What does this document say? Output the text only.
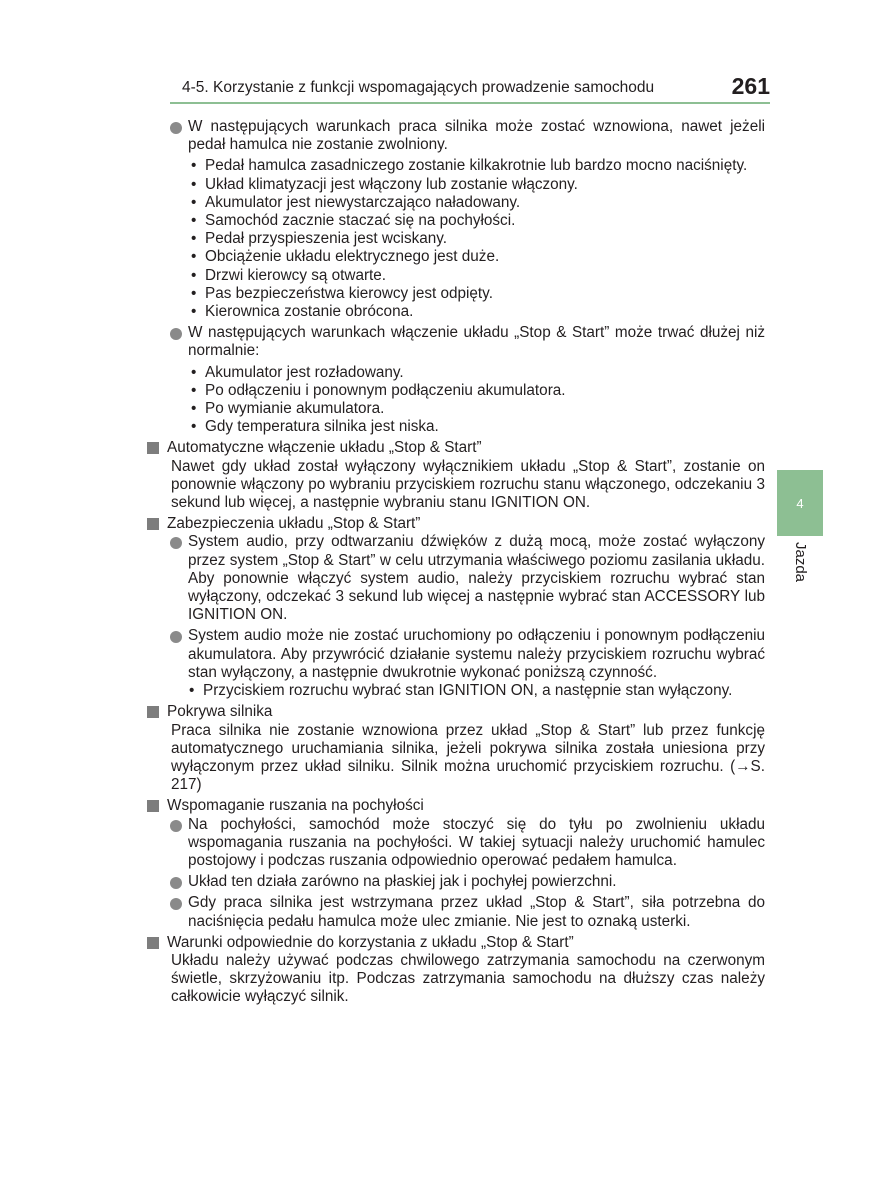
4-5. Korzystanie z funkcji wspomagających prowadzenie samochodu	261
4
Jazda
W następujących warunkach praca silnika może zostać wznowiona, nawet jeżeli pedał hamulca nie zostanie zwolniony.
• Pedał hamulca zasadniczego zostanie kilkakrotnie lub bardzo mocno naciśnięty.
• Układ klimatyzacji jest włączony lub zostanie włączony.
• Akumulator jest niewystarczająco naładowany.
• Samochód zacznie staczać się na pochyłości.
• Pedał przyspieszenia jest wciskany.
• Obciążenie układu elektrycznego jest duże.
• Drzwi kierowcy są otwarte.
• Pas bezpieczeństwa kierowcy jest odpięty.
• Kierownica zostanie obrócona.
W następujących warunkach włączenie układu „Stop & Start” może trwać dłużej niż normalnie:
• Akumulator jest rozładowany.
• Po odłączeniu i ponownym podłączeniu akumulatora.
• Po wymianie akumulatora.
• Gdy temperatura silnika jest niska.
Automatyczne włączenie układu „Stop & Start”
Nawet gdy układ został wyłączony wyłącznikiem układu „Stop & Start”, zostanie on ponownie włączony po wybraniu przyciskiem rozruchu stanu włączonego, odczekaniu 3 sekund lub więcej, a następnie wybraniu stanu IGNITION ON.
Zabezpieczenia układu „Stop & Start”
System audio, przy odtwarzaniu dźwięków z dużą mocą, może zostać wyłączony przez system „Stop & Start” w celu utrzymania właściwego poziomu zasilania układu. Aby ponownie włączyć system audio, należy przyciskiem rozruchu wybrać stan wyłączony, odczekać 3 sekund lub więcej a następnie wybrać stan ACCESSORY lub IGNITION ON.
System audio może nie zostać uruchomiony po odłączeniu i ponownym podłączeniu akumulatora. Aby przywrócić działanie systemu należy przyciskiem rozruchu wybrać stan wyłączony, a następnie dwukrotnie wykonać poniższą czynność.
• Przyciskiem rozruchu wybrać stan IGNITION ON, a następnie stan wyłączony.
Pokrywa silnika
Praca silnika nie zostanie wznowiona przez układ „Stop & Start” lub przez funkcję automatycznego uruchamiania silnika, jeżeli pokrywa silnika została uniesiona przy wyłączonym przez układ silniku. Silnik można uruchomić przyciskiem rozruchu. (→S. 217)
Wspomaganie ruszania na pochyłości
Na pochyłości, samochód może stoczyć się do tyłu po zwolnieniu układu wspomagania ruszania na pochyłości. W takiej sytuacji należy uruchomić hamulec postojowy i podczas ruszania odpowiednio operować pedałem hamulca.
Układ ten działa zarówno na płaskiej jak i pochyłej powierzchni.
Gdy praca silnika jest wstrzymana przez układ „Stop & Start”, siła potrzebna do naciśnięcia pedału hamulca może ulec zmianie. Nie jest to oznaką usterki.
Warunki odpowiednie do korzystania z układu „Stop & Start”
Układu należy używać podczas chwilowego zatrzymania samochodu na czerwonym świetle, skrzyżowaniu itp. Podczas zatrzymania samochodu na dłuższy czas należy całkowicie wyłączyć silnik.
